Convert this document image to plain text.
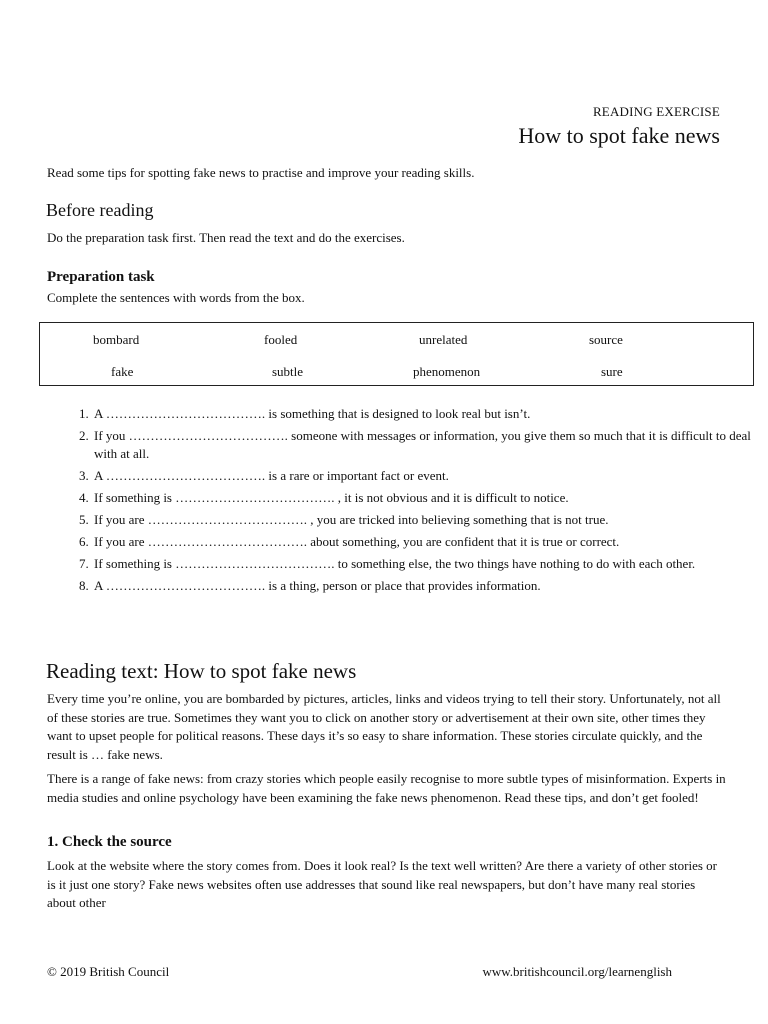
READING EXERCISE
How to spot fake news
Read some tips for spotting fake news to practise and improve your reading skills.
Before reading
Do the preparation task first. Then read the text and do the exercises.
Preparation task
Complete the sentences with words from the box.
bombard	fooled	unrelated	source
fake	subtle	phenomenon	sure
1. A ………………………………. is something that is designed to look real but isn’t.
2. If you ………………………………. someone with messages or information, you give them so much that it is difficult to deal with at all.
3. A ………………………………. is a rare or important fact or event.
4. If something is ………………………………. , it is not obvious and it is difficult to notice.
5. If you are ………………………………. , you are tricked into believing something that is not true.
6. If you are ………………………………. about something, you are confident that it is true or correct.
7. If something is ………………………………. to something else, the two things have nothing to do with each other.
8. A ………………………………. is a thing, person or place that provides information.
Reading text: How to spot fake news
Every time you’re online, you are bombarded by pictures, articles, links and videos trying to tell their story. Unfortunately, not all of these stories are true. Sometimes they want you to click on another story or advertisement at their own site, other times they want to upset people for political reasons. These days it’s so easy to share information. These stories circulate quickly, and the result is … fake news.
There is a range of fake news: from crazy stories which people easily recognise to more subtle types of misinformation. Experts in media studies and online psychology have been examining the fake news phenomenon. Read these tips, and don’t get fooled!
1. Check the source
Look at the website where the story comes from. Does it look real? Is the text well written? Are there a variety of other stories or is it just one story? Fake news websites often use addresses that sound like real newspapers, but don’t have many real stories about other
© 2019 British Council	www.britishcouncil.org/learnenglish
